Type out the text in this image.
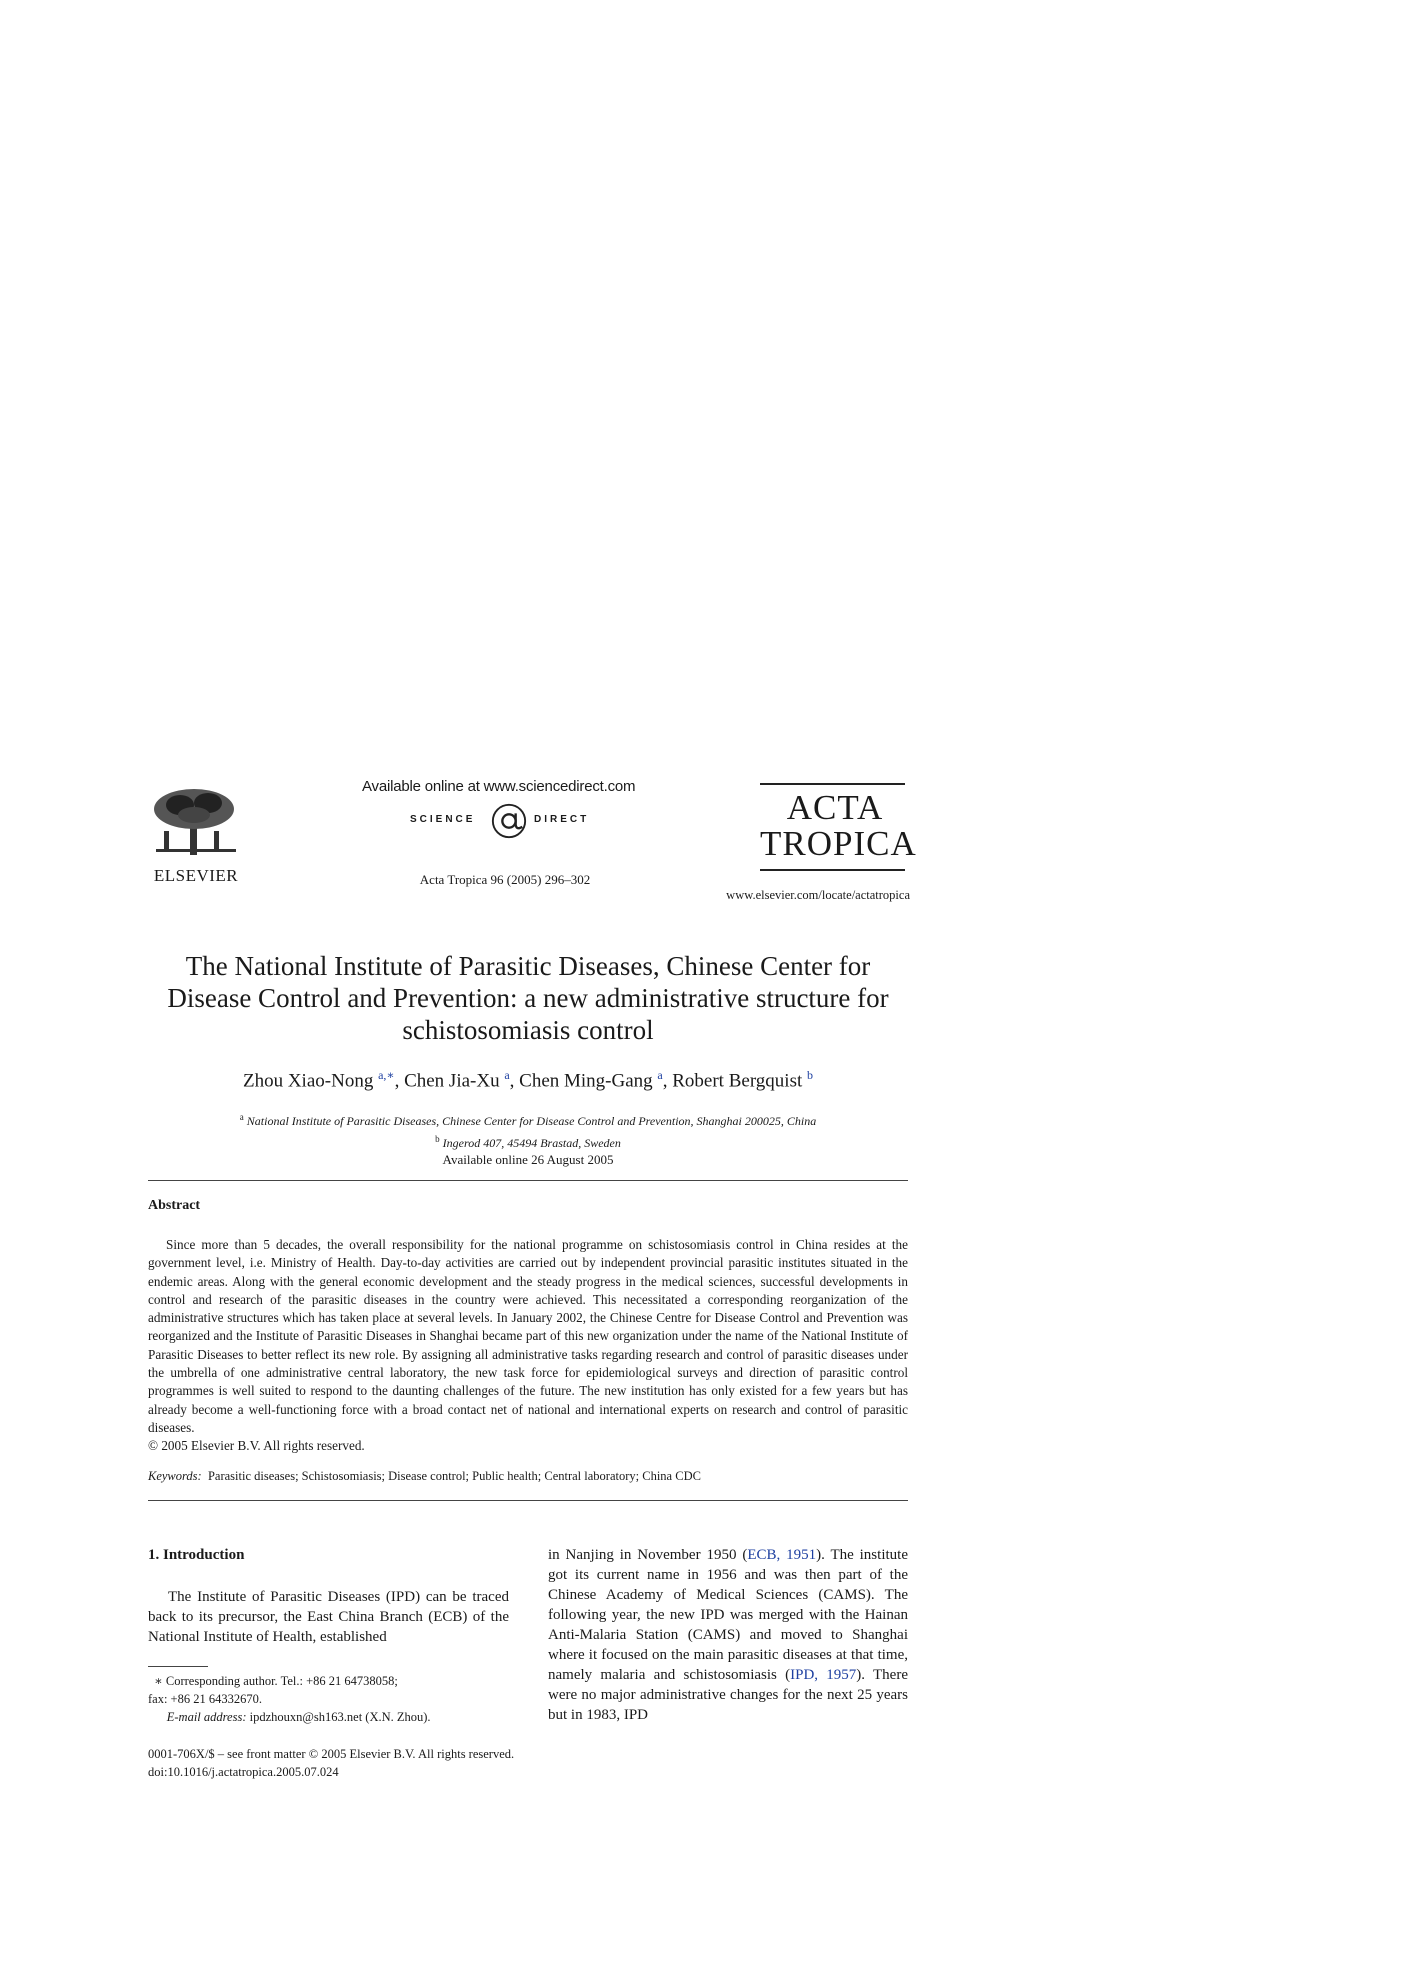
ELSEVIER
Available online at www.sciencedirect.com
SCIENCE	DIRECT
Acta Tropica 96 (2005) 296–302
ACTA
TROPICA
www.elsevier.com/locate/actatropica
The National Institute of Parasitic Diseases, Chinese Center for Disease Control and Prevention: a new administrative structure for schistosomiasis control
Zhou Xiao-Nong $^{a,∗}$, Chen Jia-Xu $^a$, Chen Ming-Gang $^a$, Robert Bergquist $^b$
$^a$ National Institute of Parasitic Diseases, Chinese Center for Disease Control and Prevention, Shanghai 200025, China
$^b$ Ingerod 407, 45494 Brastad, Sweden
Available online 26 August 2005
Abstract

Since more than 5 decades, the overall responsibility for the national programme on schistosomiasis control in China resides at the government level, i.e. Ministry of Health. Day-to-day activities are carried out by independent provincial parasitic institutes situated in the endemic areas. Along with the general economic development and the steady progress in the medical sciences, successful developments in control and research of the parasitic diseases in the country were achieved. This necessitated a corresponding reorganization of the administrative structures which has taken place at several levels. In January 2002, the Chinese Centre for Disease Control and Prevention was reorganized and the Institute of Parasitic Diseases in Shanghai became part of this new organization under the name of the National Institute of Parasitic Diseases to better reflect its new role. By assigning all administrative tasks regarding research and control of parasitic diseases under the umbrella of one administrative central laboratory, the new task force for epidemiological surveys and direction of parasitic control programmes is well suited to respond to the daunting challenges of the future. The new institution has only existed for a few years but has already become a well-functioning force with a broad contact net of national and international experts on research and control of parasitic diseases.

© 2005 Elsevier B.V. All rights reserved.

Keywords: Parasitic diseases; Schistosomiasis; Disease control; Public health; Central laboratory; China CDC
1. Introduction

The Institute of Parasitic Diseases (IPD) can be traced back to its precursor, the East China Branch (ECB) of the National Institute of Health, established

in Nanjing in November 1950 (ECB, 1951). The institute got its current name in 1956 and was then part of the Chinese Academy of Medical Sciences (CAMS). The following year, the new IPD was merged with the Hainan Anti-Malaria Station (CAMS) and moved to Shanghai where it focused on the main parasitic diseases at that time, namely malaria and schistosomiasis (IPD, 1957). There were no major administrative changes for the next 25 years but in 1983, IPD

∗ Corresponding author. Tel.: +86 21 64738058;
fax: +86 21 64332670.
E-mail address: ipdzhouxn@sh163.net (X.N. Zhou).
0001-706X/$ – see front matter © 2005 Elsevier B.V. All rights reserved.
doi:10.1016/j.actatropica.2005.07.024
